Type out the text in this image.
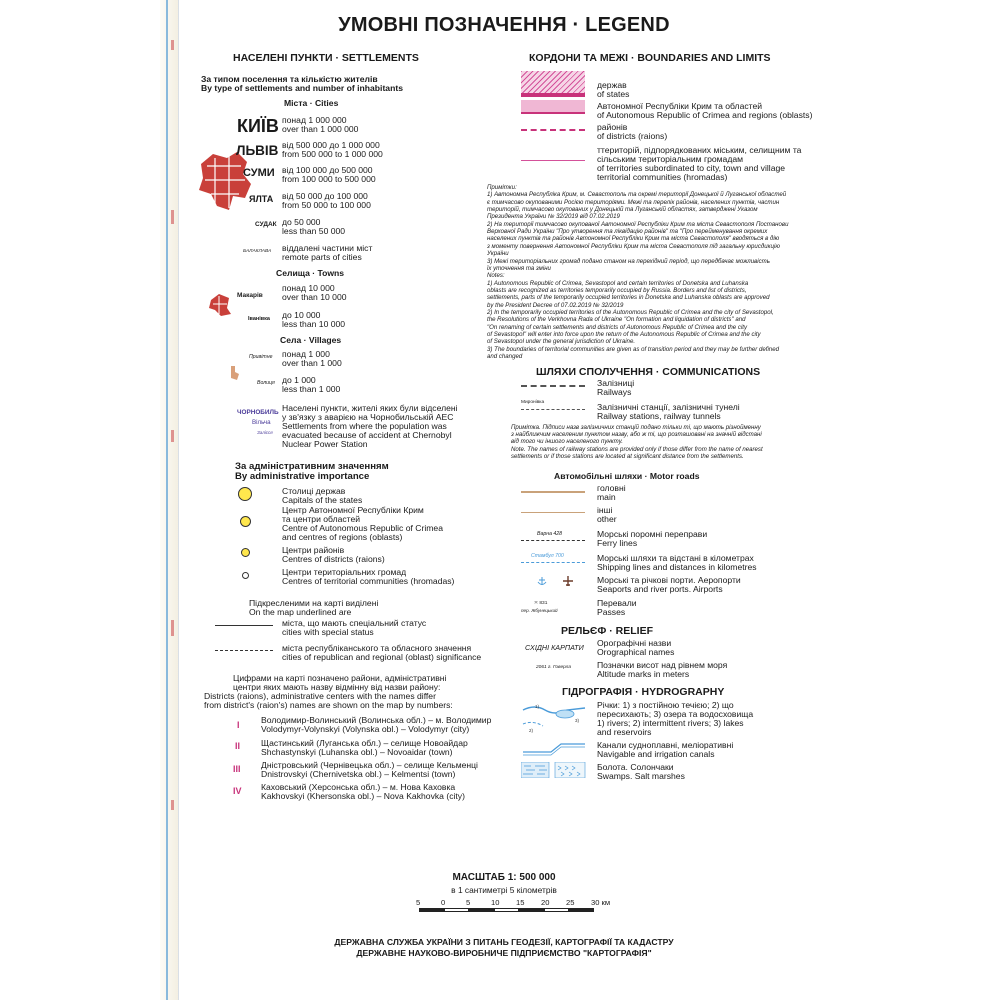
УМОВНІ ПОЗНАЧЕННЯ · LEGEND
НАСЕЛЕНІ ПУНКТИ · SETTLEMENTS
За типом поселення та кількістю жителів
By type of settlements and number of inhabitants
Міста · Cities
КИЇВ понад 1 000 000
over than 1 000 000
ЛЬВІВ від 500 000 до 1 000 000
from 500 000 to 1 000 000
СУМИ від 100 000 до 500 000
from 100 000 to 500 000
ЯЛТА від 50 000 до 100 000
from 50 000 to 100 000
СУДАК до 50 000
less than 50 000
БАЛАКЛАВА віддалені частини міст
remote parts of cities
Селища · Towns
Макарів
понад 10 000
over than 10 000
Іванівка до 10 000
less than 10 000
Села · Villages
Привітне понад 1 000
over than 1 000
Волиця до 1 000
less than 1 000
ЧОРНОБИЛЬ
Вільча
Залісся
Населені пункти, жителі яких були відселені
у зв'язку з аварією на Чорнобильській АЕС
Settlements from where the population was
evacuated because of accident at Chernobyl
Nuclear Power Station
За адміністративним значенням
By administrative importance
Столиці держав
Capitals of the states
Центр Автономної Республіки Крим
та центри областей
Centre of Autonomous Republic of Crimea
and centres of regions (oblasts)
Центри районів
Centres of districts (raions)
Центри територіальних громад
Centres of territorial communities (hromadas)
Підкресленими на карті виділені
On the map underlined are
міста, що мають спеціальний статус
cities with special status
міста республіканського та обласного значення
cities of republican and regional (oblast) significance
Цифрами на карті позначено райони, адміністративні
центри яких мають назву відмінну від назви району:
Districts (raions), administrative centers with the names differ
from district's (raion's) names are shown on the map by numbers:
I Володимир-Волинський (Волинська обл.) – м. Володимир
Volodymyr-Volynskyi (Volynska obl.) – Volodymyr (city)
II Щастинський (Луганська обл.) – селище Новоайдар
Shchastynskyi (Luhanska obl.) – Novoaidar (town)
III Дністровський (Чернівецька обл.) – селище Кельменці
Dnistrovskyi (Chernivetska obl.) – Kelmentsi (town)
IV Каховський (Херсонська обл.) – м. Нова Каховка
Kakhovskyi (Khersonska obl.) – Nova Kakhovka (city)
КОРДОНИ ТА МЕЖІ · BOUNDARIES AND LIMITS
держав
of states
Автономної Республіки Крим та областей
of Autonomous Republic of Crimea and regions (oblasts)
районів
of districts (raions)
ттериторій, підпорядкованих міським, селищним та
сільським територіальним громадам
of territories subordinated to city, town and village
territorial communities (hromadas)
Примітки:
1) Автономна Республіка Крим, м. Севастополь та окремі території Донецької й Луганської областей
є тимчасово окупованими Росією територіями. Межі та перелік районів, населених пунктів, частин
територій, тимчасово окупованих у Донецькій та Луганській областях, затверджені Указом
Президента України № 32/2019 від 07.02.2019
2) На території тимчасово окупованої Автономної Республіки Крим та міста Севастополя Постанови
Верховної Ради України "Про утворення та ліквідацію районів" та "Про перейменування окремих
населених пунктів та районів Автономної Республіки Крим та міста Севастополя" вводяться в дію
з моменту повернення Автономної Республіки Крим та міста Севастополя під загальну юрисдикцію
України
3) Межі територіальних громад подано станом на перехідний період, що передбачає можливість
їх уточнення та зміни
Notes:
1) Autonomous Republic of Crimea, Sevastopol and certain territories of Donetska and Luhanska
oblasts are recognized as territories temporarily occupied by Russia. Borders and list of districts,
settlements, parts of the temporarily occupied territories in Donetska and Luhanska oblasts are approved
by the President Decree of 07.02.2019 № 32/2019
2) In the temporarily occupied territories of the Autonomous Republic of Crimea and the city of Sevastopol,
the Resolutions of the Verkhovna Rada of Ukraine "On formation and liquidation of districts" and
"On renaming of certain settlements and districts of Autonomous Republic of Crimea and the city
of Sevastopol" will enter into force upon the return of the Autonomous Republic of Crimea and the city
of Sevastopol under the general jurisdiction of Ukraine.
3) The boundaries of territorial communities are given as of transition period and they may be further defined
and changed
ШЛЯХИ СПОЛУЧЕННЯ · COMMUNICATIONS
Залізниці
Railways
Миронівка	Залізничні станції, залізничні тунелі
Railway stations, railway tunnels
Примітка. Підписи назв залізничних станцій подано тільки ті, що мають різнойменну
з найближчим населеним пунктом назву, або ж ті, що розташовані на значній відстані
від того чи іншого населеного пункту.
Note. The names of railway stations are provided only if those differ from the name of nearest
settlements or if those stations are located at significant distance from the settlements.
Автомобільні шляхи · Motor roads
головні
main
інші
other
Варна 428	Морські поромні переправи
Ferry lines
Стамбул 700	Морські шляхи та відстані в кілометрах
Shipping lines and distances in kilometres
Морські та річкові порти. Аеропорти
Seaports and river ports. Airports
≍ 831
пер. Жбунецький
Перевали
Passes
РЕЛЬЄФ · RELIEF
СХІДНІ КАРПАТИ Орографічні назви
Orographical names
2061 г. Говерла	Позначки висот над рівнем моря
Altitude marks in meters
ГІДРОГРАФІЯ · HYDROGRAPHY
1)
2)
3)
Річки: 1) з постійною течією; 2) що
пересихають; 3) озера та водосховища
1) rivers; 2) intermittent rivers; 3) lakes
and reservoirs
Канали судноплавні, меліоративні
Navigable and irrigation canals
Болота. Солончаки
Swamps. Salt marshes
МАСШТАБ 1: 500 000
в 1 сантиметрі 5 кілометрів
5	0	5	10 15 20 25 30 км
ДЕРЖАВНА СЛУЖБА УКРАЇНИ З ПИТАНЬ ГЕОДЕЗІЇ, КАРТОГРАФІЇ ТА КАДАСТРУ
ДЕРЖАВНЕ НАУКОВО-ВИРОБНИЧЕ ПІДПРИЄМСТВО "КАРТОГРАФІЯ"
